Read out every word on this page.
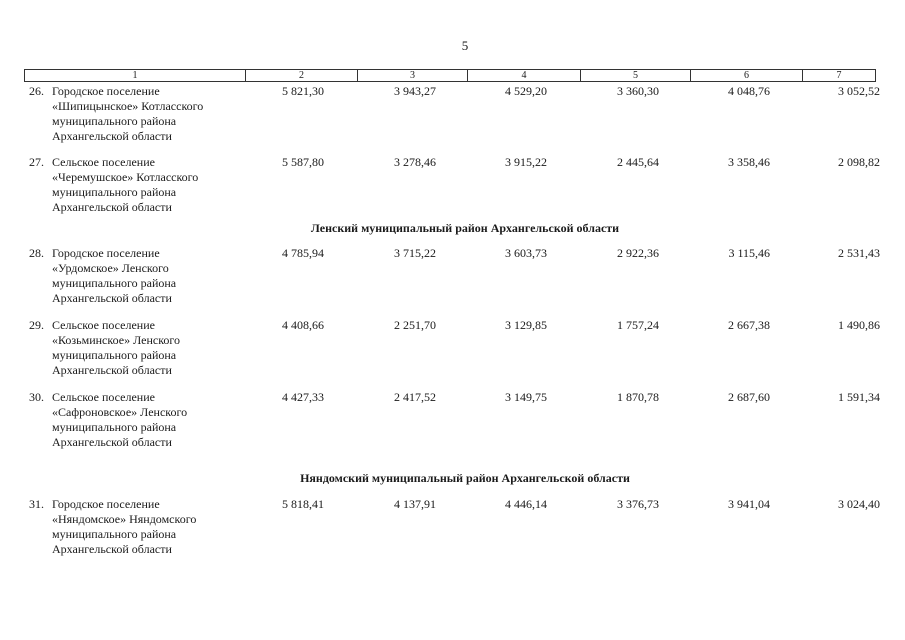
5
1	2	3	4	5	6	7
26. Городское поселение
«Шипицынское» Котласского
муниципального района
Архангельской области
5 821,30	3 943,27	4 529,20	3 360,30	4 048,76	3 052,52
27. Сельское поселение
«Черемушское» Котласского
муниципального района
Архангельской области
5 587,80	3 278,46	3 915,22	2 445,64	3 358,46	2 098,82
Ленский муниципальный район Архангельской области
28. Городское поселение
«Урдомское» Ленского
муниципального района
Архангельской области
4 785,94	3 715,22	3 603,73	2 922,36	3 115,46	2 531,43
29. Сельское поселение
«Козьминское» Ленского
муниципального района
Архангельской области
4 408,66	2 251,70	3 129,85	1 757,24	2 667,38	1 490,86
30. Сельское поселение
«Сафроновское» Ленского
муниципального района
Архангельской области
4 427,33	2 417,52	3 149,75	1 870,78	2 687,60	1 591,34
Няндомский муниципальный район Архангельской области
31. Городское поселение
«Няндомское» Няндомского
муниципального района
Архангельской области
5 818,41	4 137,91	4 446,14	3 376,73	3 941,04	3 024,40
